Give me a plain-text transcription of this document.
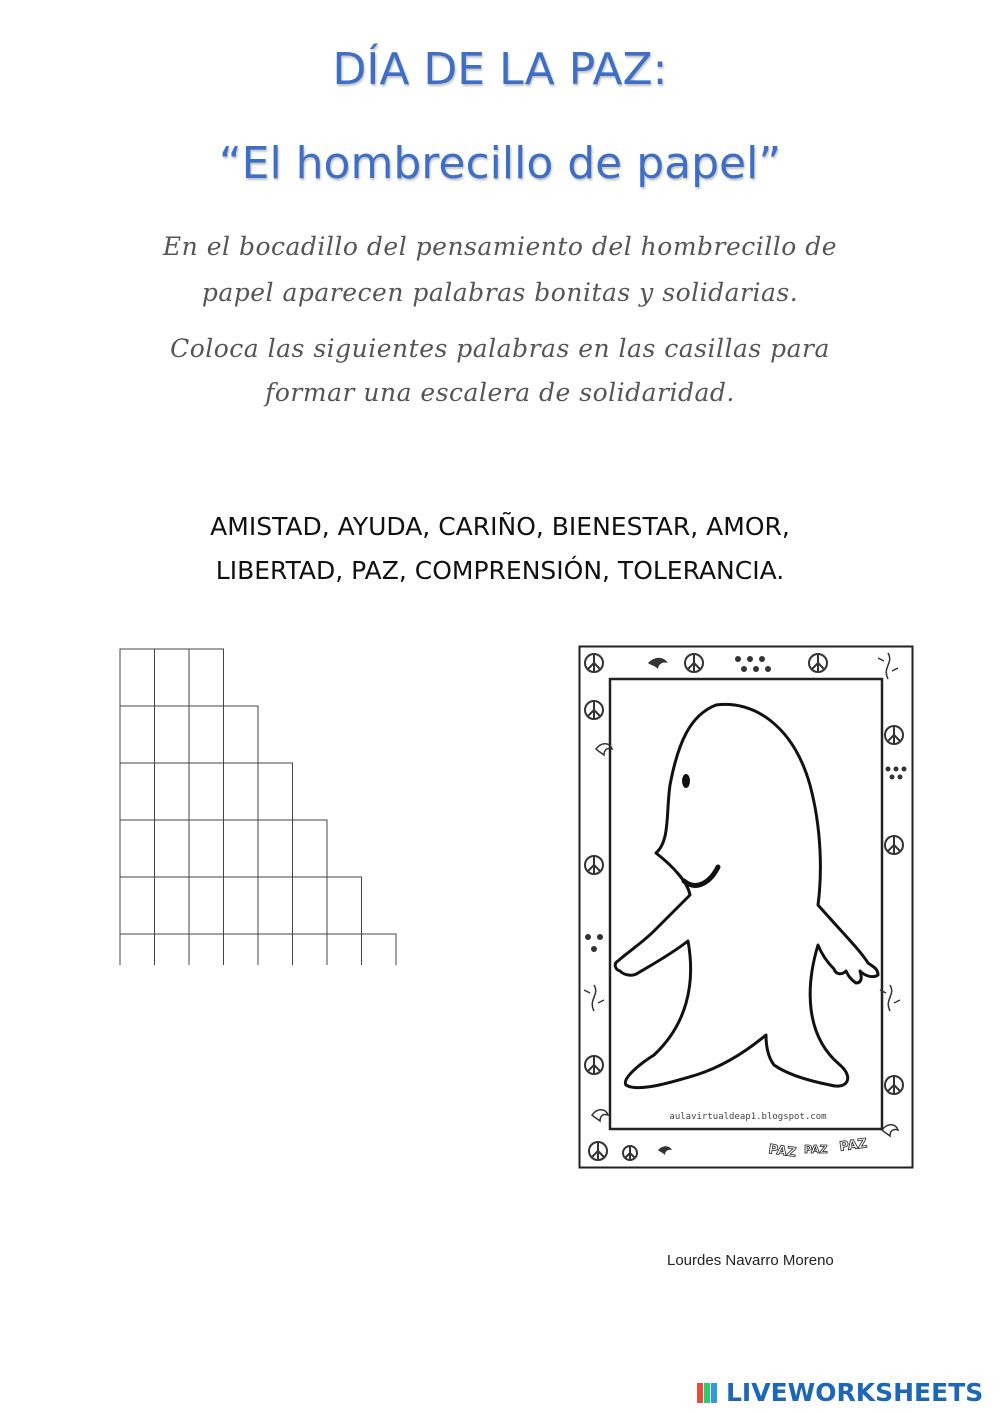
DÍA DE LA PAZ:
“El hombrecillo de papel”
En el bocadillo del pensamiento del hombrecillo de
papel aparecen palabras bonitas y solidarias.
Coloca las siguientes palabras en las casillas para
formar una escalera de solidaridad.
AMISTAD, AYUDA, CARIÑO, BIENESTAR, AMOR,
LIBERTAD, PAZ, COMPRENSIÓN, TOLERANCIA.
aulavirtualdeap1.blogspot.com
PAZ PAZ PAZ
Lourdes Navarro Moreno
LIVEWORKSHEETS
